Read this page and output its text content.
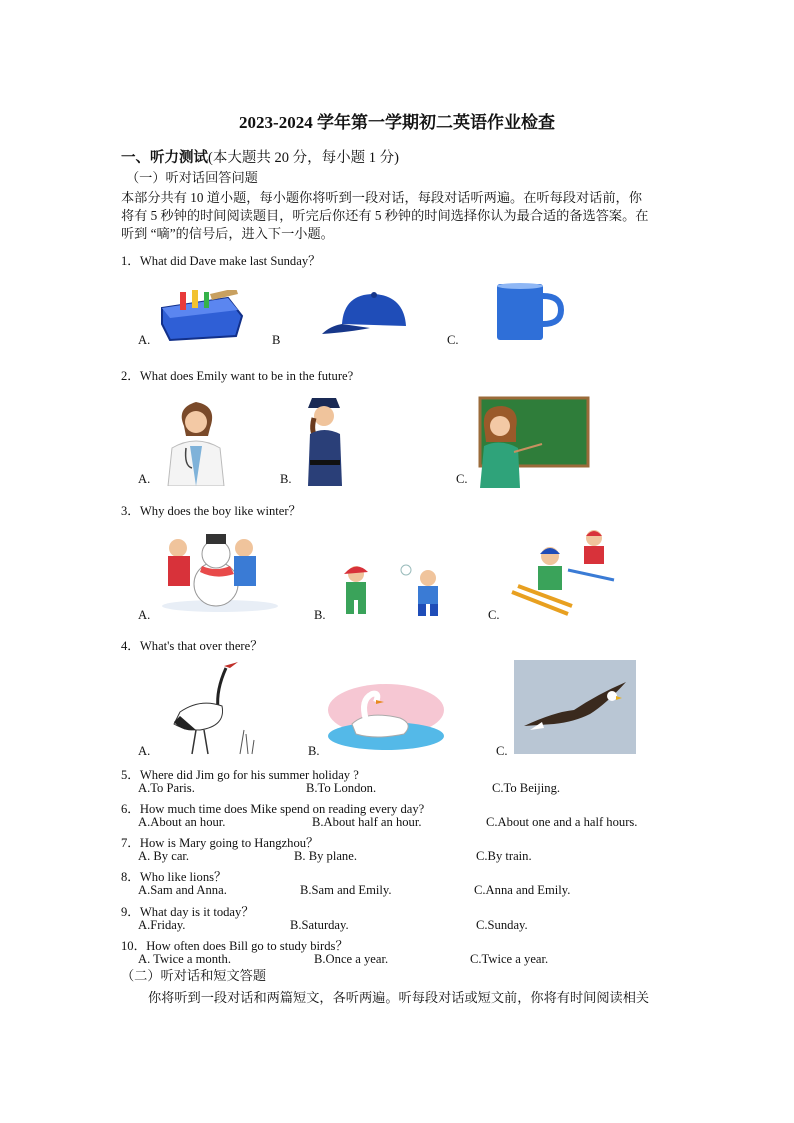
2023-2024 学年第一学期初二英语作业检查
一、听力测试(本大题共 20 分，每小题 1 分)
（一）听对话回答问题
本部分共有 10 道小题，每小题你将听到一段对话，每段对话听两遍。在听每段对话前，你
将有 5 秒钟的时间阅读题目，听完后你还有 5 秒钟的时间选择你认为最合适的备选答案。在
听到 “嘀”的信号后，进入下一小题。
1．What did Dave make last Sunday？
A.	B	C.
2．What does Emily want to be in the future?
A.	B.	C.
3．Why does the boy like winter？
A.	B.	C.
4．What's that over there？
A.	B.	C.
5．Where did Jim go for his summer holiday ?
A.To Paris.	B.To London.	C.To Beijing.
6．How much time does Mike spend on reading every day?
A.About an hour.	B.About half an hour.	C.About one and a half hours.
7．How is Mary going to Hangzhou？
A. By car.	B. By plane.	C.By train.
8．Who like lions？
A.Sam and Anna.	B.Sam and Emily.	C.Anna and Emily.
9．What day is it today？
A.Friday.	B.Saturday.	C.Sunday.
10．How often does Bill go to study birds？
A. Twice a month.	B.Once a year.	C.Twice a year.
（二）听对话和短文答题
你将听到一段对话和两篇短文，各听两遍。听每段对话或短文前，你将有时间阅读相关
